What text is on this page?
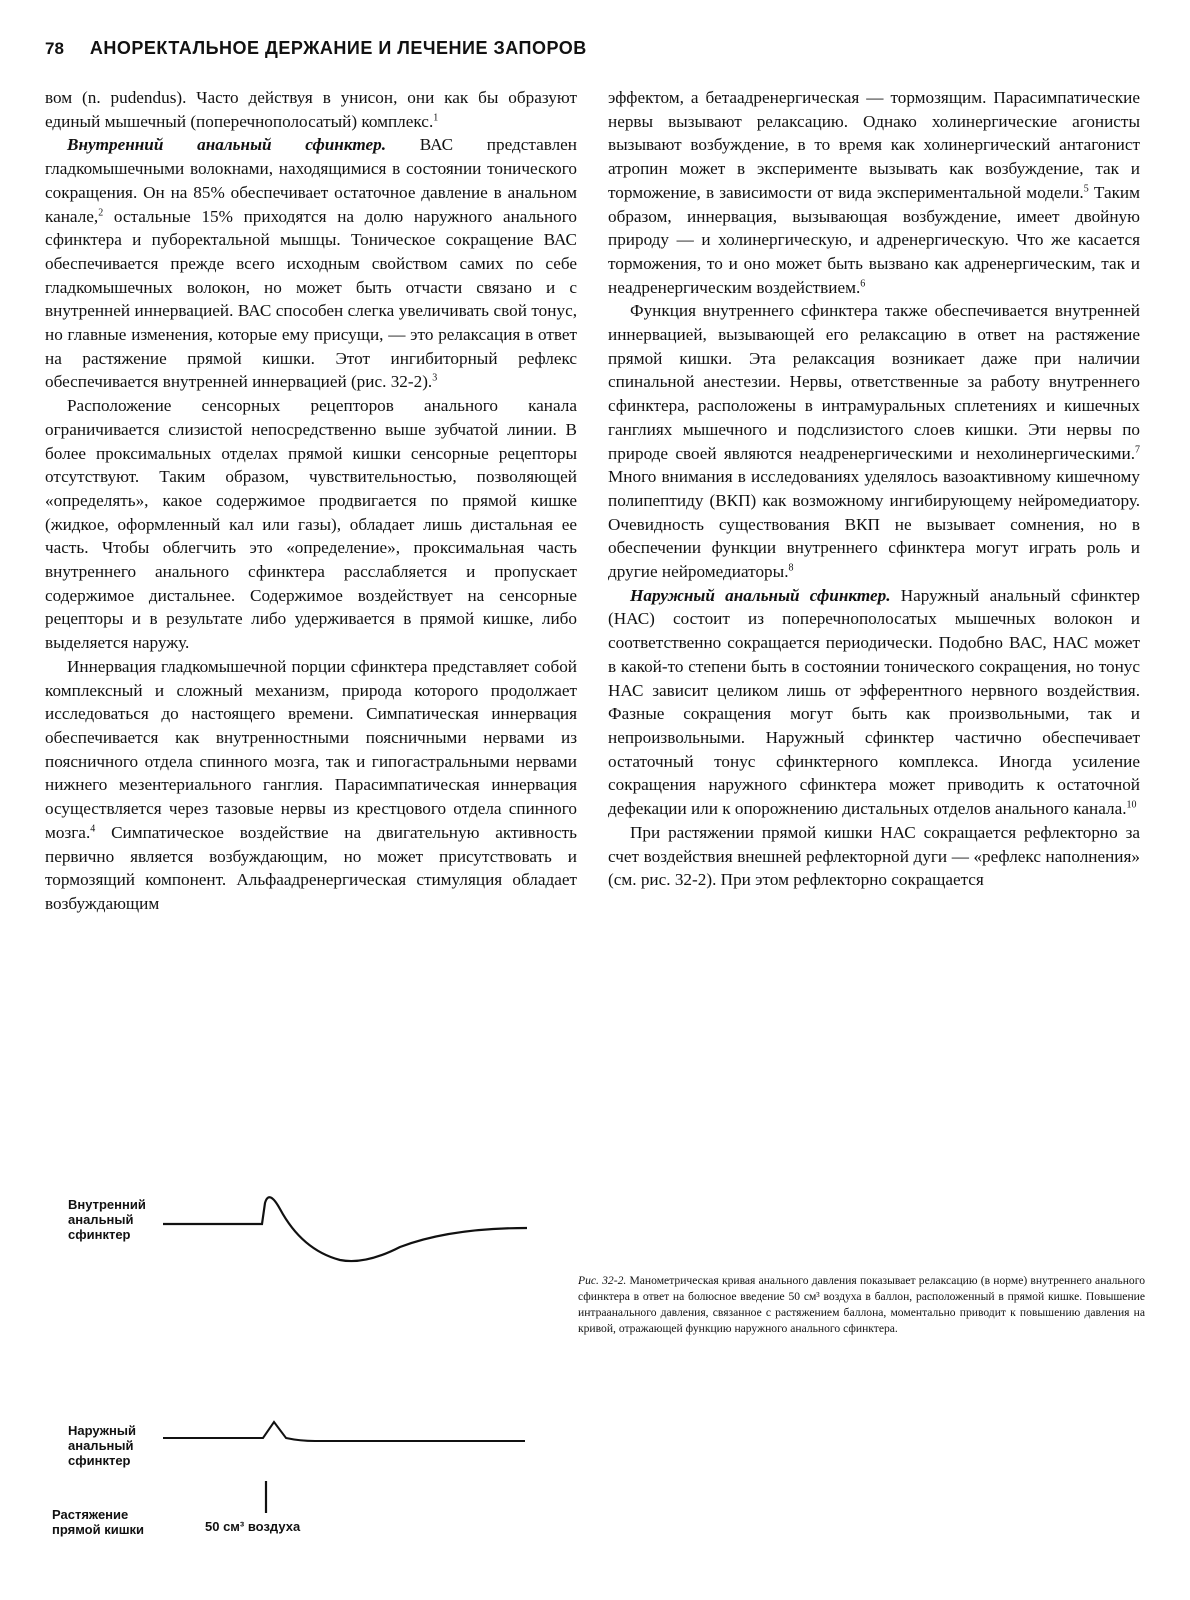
78 АНОРЕКТАЛЬНОЕ ДЕРЖАНИЕ И ЛЕЧЕНИЕ ЗАПОРОВ

вом (n. pudendus). Часто действуя в унисон, они как бы образуют единый мышечный (поперечнополосатый) комплекс.$^1$

Внутренний анальный сфинктер. ВАС представлен гладкомышечными волокнами, находящимися в состоянии тонического сокращения. Он на 85% обеспечивает остаточное давление в анальном канале,$^2$ остальные 15% приходятся на долю наружного анального сфинктера и пуборектальной мышцы. Тоническое сокращение ВАС обеспечивается прежде всего исходным свойством самих по себе гладкомышечных волокон, но может быть отчасти связано и с внутренней иннервацией. ВАС способен слегка увеличивать свой тонус, но главные изменения, которые ему присущи, — это релаксация в ответ на растяжение прямой кишки. Этот ингибиторный рефлекс обеспечивается внутренней иннервацией (рис. 32-2).$^3$

Расположение сенсорных рецепторов анального канала ограничивается слизистой непосредственно выше зубчатой линии. В более проксимальных отделах прямой кишки сенсорные рецепторы отсутствуют. Таким образом, чувствительностью, позволяющей «определять», какое содержимое продвигается по прямой кишке (жидкое, оформленный кал или газы), обладает лишь дистальная ее часть. Чтобы облегчить это «определение», проксимальная часть внутреннего анального сфинктера расслабляется и пропускает содержимое дистальнее. Содержимое воздействует на сенсорные рецепторы и в результате либо удерживается в прямой кишке, либо выделяется наружу.

Иннервация гладкомышечной порции сфинктера представляет собой комплексный и сложный механизм, природа которого продолжает исследоваться до настоящего времени. Симпатическая иннервация обеспечивается как внутренностными поясничными нервами из поясничного отдела спинного мозга, так и гипогастральными нервами нижнего мезентериального ганглия. Парасимпатическая иннервация осуществляется через тазовые нервы из крестцового отдела спинного мозга.$^4$ Симпатическое воздействие на двигательную активность первично является возбуждающим, но может присутствовать и тормозящий компонент. Альфаадренергическая стимуляция обладает возбуждающим

эффектом, а бетаадренергическая — тормозящим. Парасимпатические нервы вызывают релаксацию. Однако холинергические агонисты вызывают возбуждение, в то время как холинергический антагонист атропин может в эксперименте вызывать как возбуждение, так и торможение, в зависимости от вида экспериментальной модели.$^5$ Таким образом, иннервация, вызывающая возбуждение, имеет двойную природу — и холинергическую, и адренергическую. Что же касается торможения, то и оно может быть вызвано как адренергическим, так и неадренергическим воздействием.$^6$

Функция внутреннего сфинктера также обеспечивается внутренней иннервацией, вызывающей его релаксацию в ответ на растяжение прямой кишки. Эта релаксация возникает даже при наличии спинальной анестезии. Нервы, ответственные за работу внутреннего сфинктера, расположены в интрамуральных сплетениях и кишечных ганглиях мышечного и подслизистого слоев кишки. Эти нервы по природе своей являются неадренергическими и нехолинергическими.$^7$ Много внимания в исследованиях уделялось вазоактивному кишечному полипептиду (ВКП) как возможному ингибирующему нейромедиатору. Очевидность существования ВКП не вызывает сомнения, но в обеспечении функции внутреннего сфинктера могут играть роль и другие нейромедиаторы.$^8$

Наружный анальный сфинктер. Наружный анальный сфинктер (НАС) состоит из поперечнополосатых мышечных волокон и соответственно сокращается периодически. Подобно ВАС, НАС может в какой-то степени быть в состоянии тонического сокращения, но тонус НАС зависит целиком лишь от эфферентного нервного воздействия. Фазные сокращения могут быть как произвольными, так и непроизвольными. Наружный сфинктер частично обеспечивает остаточный тонус сфинктерного комплекса. Иногда усиление сокращения наружного сфинктера может приводить к остаточной дефекации или к опорожнению дистальных отделов анального канала.$^{10}$

При растяжении прямой кишки НАС сокращается рефлекторно за счет воздействия внешней рефлекторной дуги — «рефлекс наполнения» (см. рис. 32-2). При этом рефлекторно сокращается

Внутренний анальный сфинктер
Наружный анальный сфинктер
Растяжение прямой кишки	50 см³ воздуха
Рис. 32-2. Манометрическая кривая анального давления показывает релаксацию (в норме) внутреннего анального сфинктера в ответ на болюсное введение 50 см³ воздуха в баллон, расположенный в прямой кишке. Повышение интраанального давления, связанное с растяжением баллона, моментально приводит к повышению давления на кривой, отражающей функцию наружного анального сфинктера.
